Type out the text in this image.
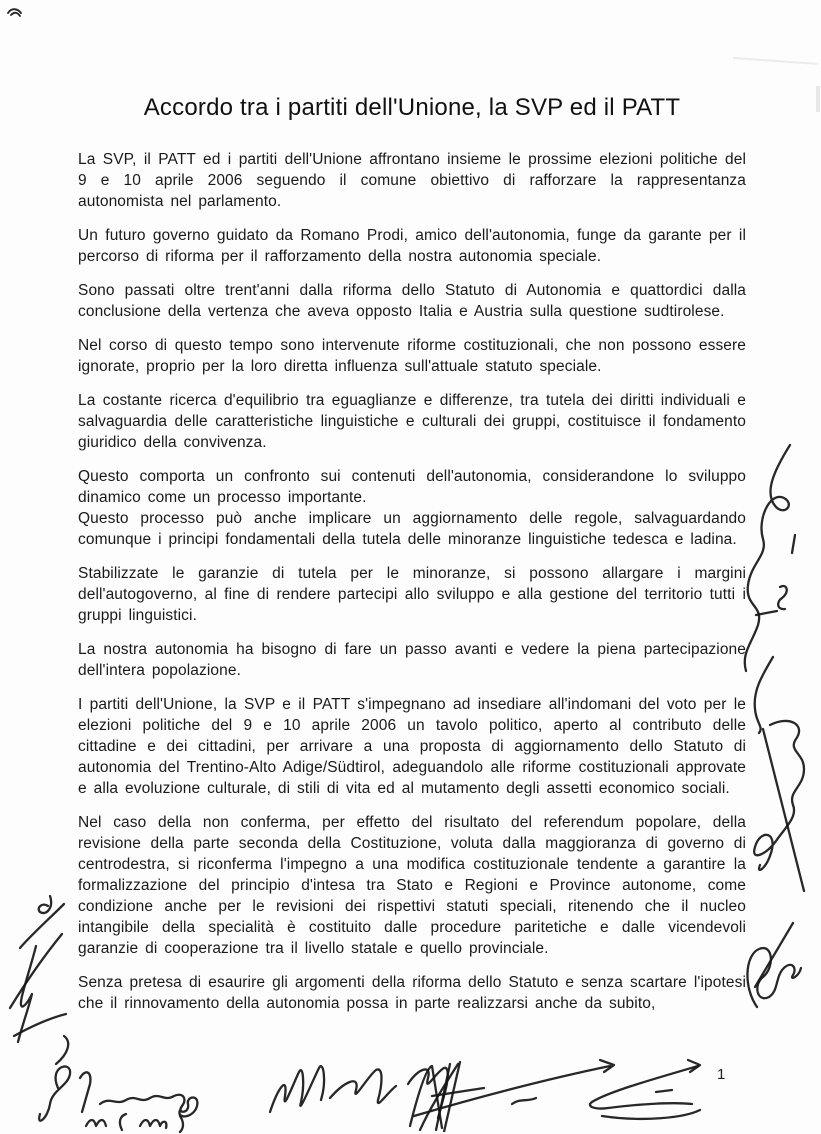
Accordo tra i partiti dell'Unione, la SVP ed il PATT

La SVP, il PATT ed i partiti dell'Unione affrontano insieme le prossime elezioni politiche del 9 e 10 aprile 2006 seguendo il comune obiettivo di rafforzare la rappresentanza autonomista nel parlamento.

Un futuro governo guidato da Romano Prodi, amico dell'autonomia, funge da garante per il percorso di riforma per il rafforzamento della nostra autonomia speciale.

Sono passati oltre trent'anni dalla riforma dello Statuto di Autonomia e quattordici dalla conclusione della vertenza che aveva opposto Italia e Austria sulla questione sudtirolese.

Nel corso di questo tempo sono intervenute riforme costituzionali, che non possono essere ignorate, proprio per la loro diretta influenza sull'attuale statuto speciale.

La costante ricerca d'equilibrio tra eguaglianze e differenze, tra tutela dei diritti individuali e salvaguardia delle caratteristiche linguistiche e culturali dei gruppi, costituisce il fondamento giuridico della convivenza.

Questo comporta un confronto sui contenuti dell'autonomia, considerandone lo sviluppo dinamico come un processo importante.

Questo processo può anche implicare un aggiornamento delle regole, salvaguardando comunque i principi fondamentali della tutela delle minoranze linguistiche tedesca e ladina.

Stabilizzate le garanzie di tutela per le minoranze, si possono allargare i margini dell'autogoverno, al fine di rendere partecipi allo sviluppo e alla gestione del territorio tutti i gruppi linguistici.

La nostra autonomia ha bisogno di fare un passo avanti e vedere la piena partecipazione dell'intera popolazione.

I partiti dell'Unione, la SVP e il PATT s'impegnano ad insediare all'indomani del voto per le elezioni politiche del 9 e 10 aprile 2006 un tavolo politico, aperto al contributo delle cittadine e dei cittadini, per arrivare a una proposta di aggiornamento dello Statuto di autonomia del Trentino-Alto Adige/Südtirol, adeguandolo alle riforme costituzionali approvate e alla evoluzione culturale, di stili di vita ed al mutamento degli assetti economico sociali.

Nel caso della non conferma, per effetto del risultato del referendum popolare, della revisione della parte seconda della Costituzione, voluta dalla maggioranza di governo di centrodestra, si riconferma l'impegno a una modifica costituzionale tendente a garantire la formalizzazione del principio d'intesa tra Stato e Regioni e Province autonome, come condizione anche per le revisioni dei rispettivi statuti speciali, ritenendo che il nucleo intangibile della specialità è costituito dalle procedure paritetiche e dalle vicendevoli garanzie di cooperazione tra il livello statale e quello provinciale.

Senza pretesa di esaurire gli argomenti della riforma dello Statuto e senza scartare l'ipotesi che il rinnovamento della autonomia possa in parte realizzarsi anche da subito,

1
